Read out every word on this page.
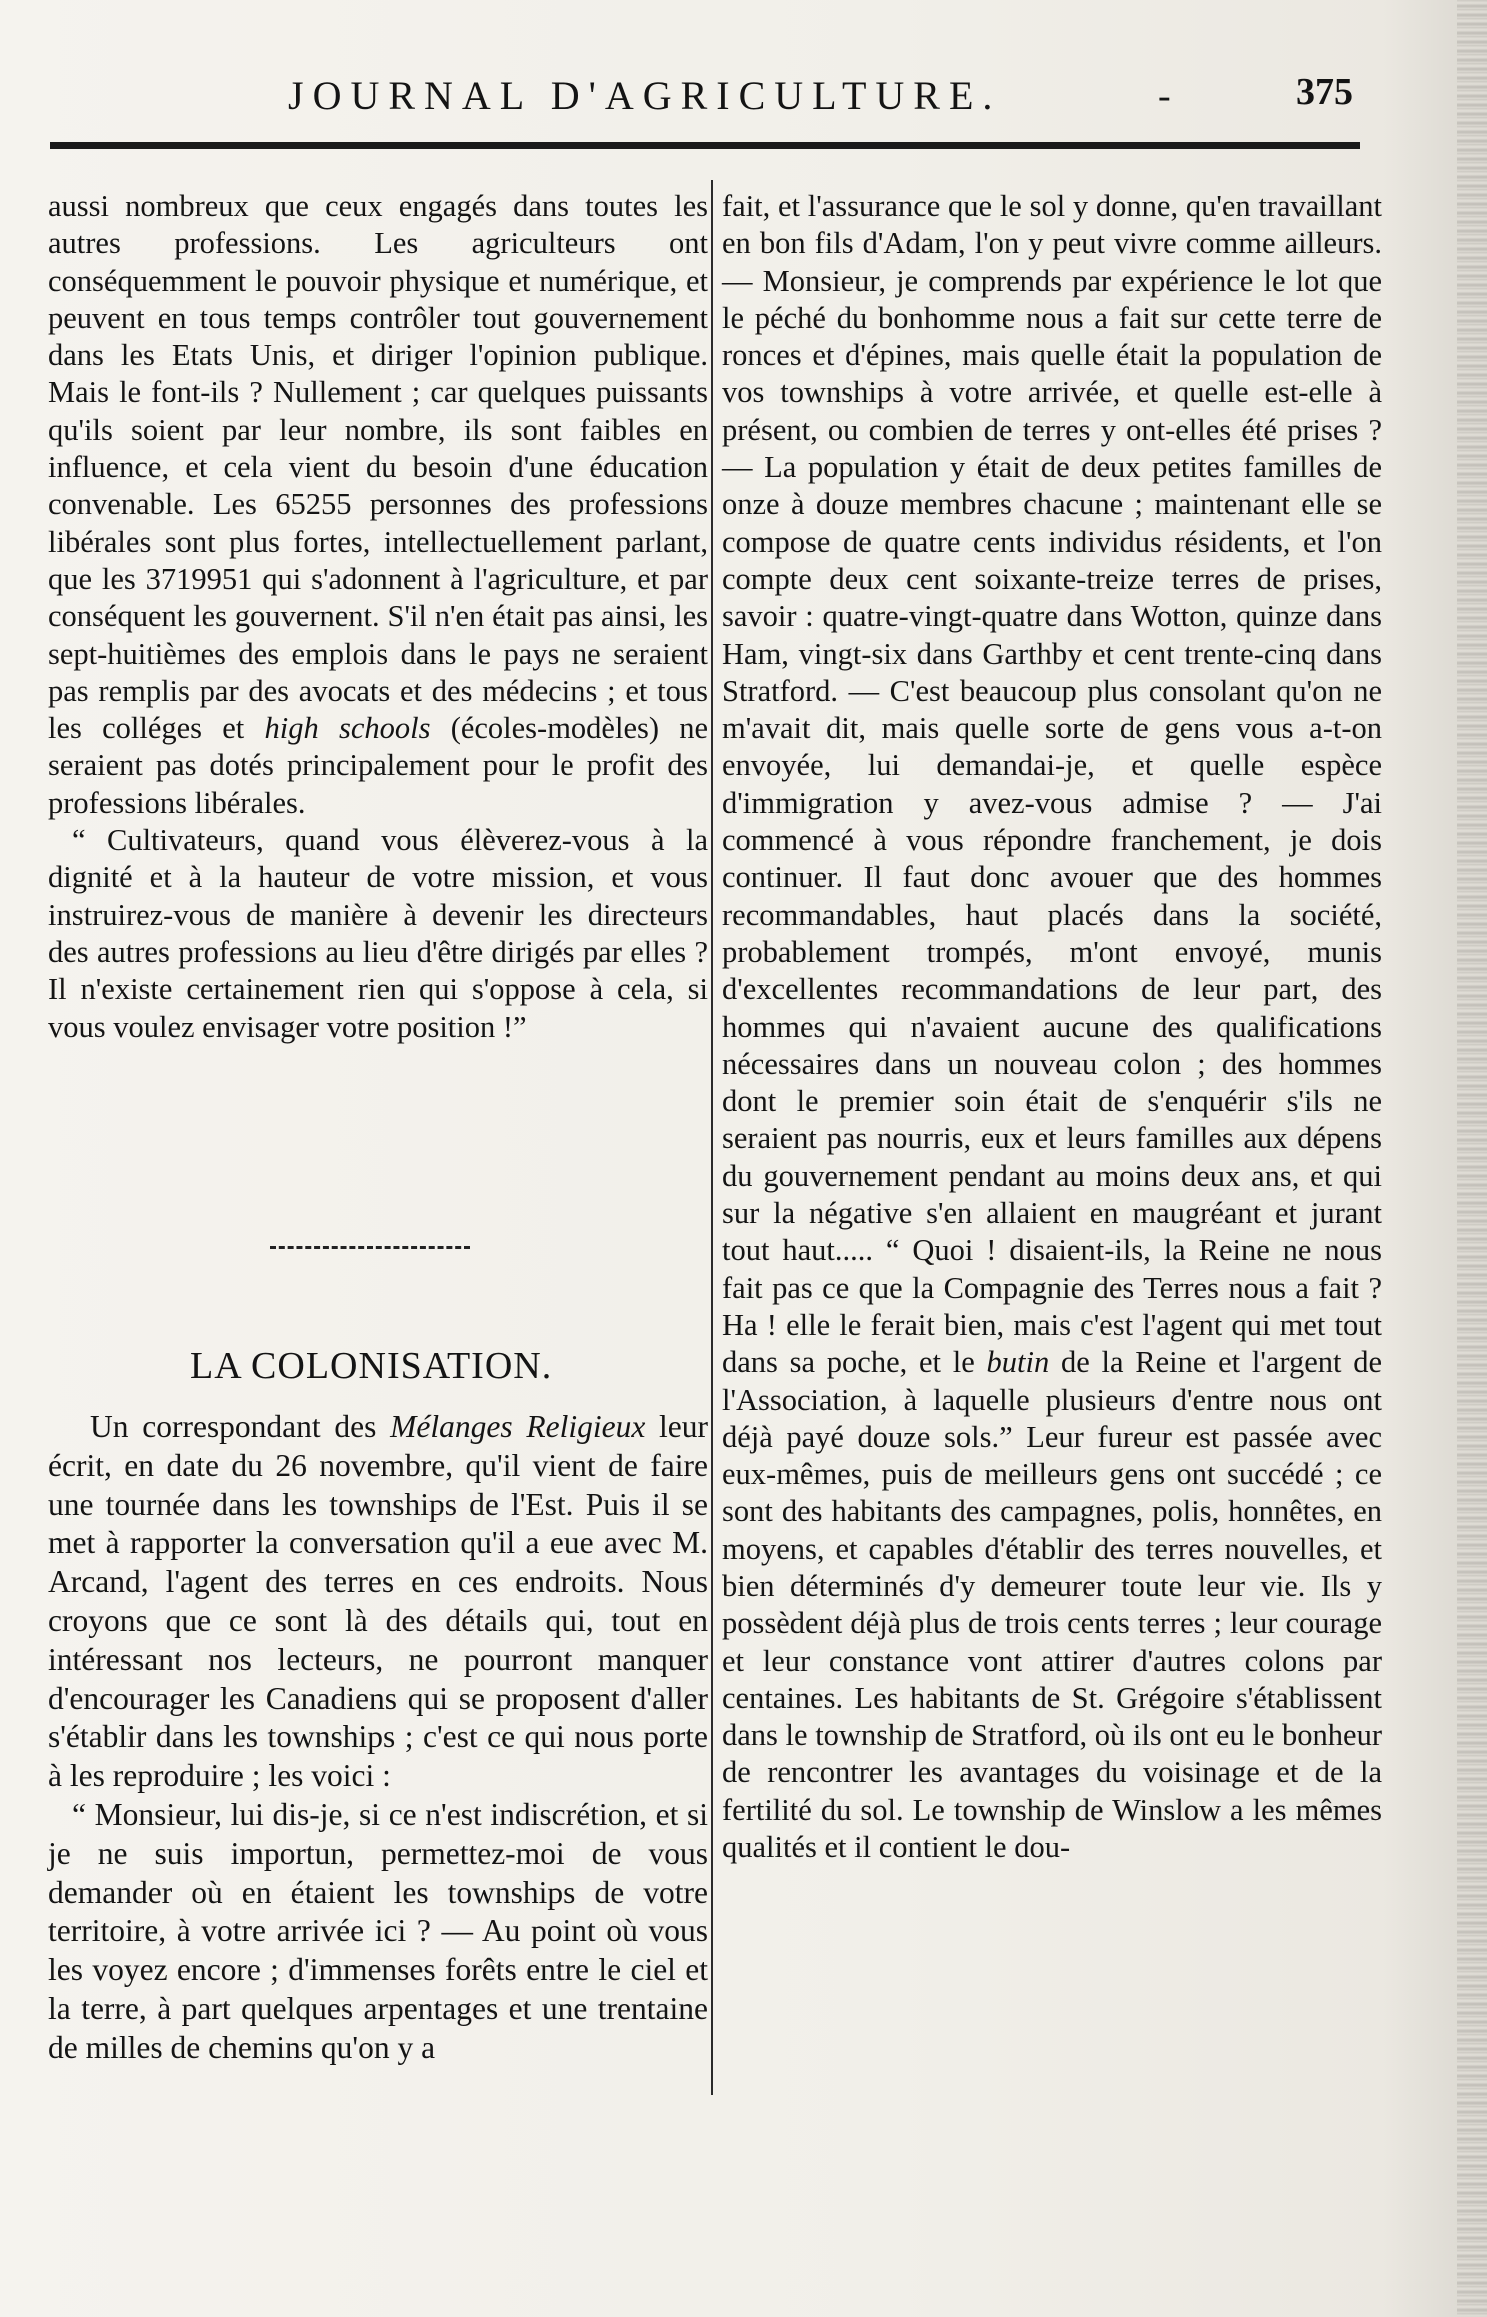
JOURNAL D'AGRICULTURE.	-	375

aussi nombreux que ceux engagés dans toutes les autres professions. Les agriculteurs ont conséquemment le pouvoir physique et numérique, et peuvent en tous temps contrôler tout gouvernement dans les Etats Unis, et diriger l'opinion publique. Mais le font-ils ? Nullement ; car quelques puissants qu'ils soient par leur nombre, ils sont faibles en influence, et cela vient du besoin d'une éducation convenable. Les 65255 personnes des professions libérales sont plus fortes, intellectuellement parlant, que les 3719951 qui s'adonnent à l'agriculture, et par conséquent les gouvernent. S'il n'en était pas ainsi, les sept-huitièmes des emplois dans le pays ne seraient pas remplis par des avocats et des médecins ; et tous les colléges et high schools (écoles-modèles) ne seraient pas dotés principalement pour le profit des professions libérales.

“ Cultivateurs, quand vous élèverez-vous à la dignité et à la hauteur de votre mission, et vous instruirez-vous de manière à devenir les directeurs des autres professions au lieu d'être dirigés par elles ? Il n'existe certainement rien qui s'oppose à cela, si vous voulez envisager votre position !”

LA COLONISATION.

Un correspondant des Mélanges Religieux leur écrit, en date du 26 novembre, qu'il vient de faire une tournée dans les townships de l'Est. Puis il se met à rapporter la conversation qu'il a eue avec M. Arcand, l'agent des terres en ces endroits. Nous croyons que ce sont là des détails qui, tout en intéressant nos lecteurs, ne pourront manquer d'encourager les Canadiens qui se proposent d'aller s'établir dans les townships ; c'est ce qui nous porte à les reproduire ; les voici :

“ Monsieur, lui dis-je, si ce n'est indiscrétion, et si je ne suis importun, permettez-moi de vous demander où en étaient les townships de votre territoire, à votre arrivée ici ? — Au point où vous les voyez encore ; d'immenses forêts entre le ciel et la terre, à part quelques arpentages et une trentaine de milles de chemins qu'on y a

fait, et l'assurance que le sol y donne, qu'en travaillant en bon fils d'Adam, l'on y peut vivre comme ailleurs. — Monsieur, je comprends par expérience le lot que le péché du bonhomme nous a fait sur cette terre de ronces et d'épines, mais quelle était la population de vos townships à votre arrivée, et quelle est-elle à présent, ou combien de terres y ont-elles été prises ? — La population y était de deux petites familles de onze à douze membres chacune ; maintenant elle se compose de quatre cents individus résidents, et l'on compte deux cent soixante-treize terres de prises, savoir : quatre-vingt-quatre dans Wotton, quinze dans Ham, vingt-six dans Garthby et cent trente-cinq dans Stratford. — C'est beaucoup plus consolant qu'on ne m'avait dit, mais quelle sorte de gens vous a-t-on envoyée, lui demandai-je, et quelle espèce d'immigration y avez-vous admise ? — J'ai commencé à vous répondre franchement, je dois continuer. Il faut donc avouer que des hommes recommandables, haut placés dans la société, probablement trompés, m'ont envoyé, munis d'excellentes recommandations de leur part, des hommes qui n'avaient aucune des qualifications nécessaires dans un nouveau colon ; des hommes dont le premier soin était de s'enquérir s'ils ne seraient pas nourris, eux et leurs familles aux dépens du gouvernement pendant au moins deux ans, et qui sur la négative s'en allaient en maugréant et jurant tout haut..... “ Quoi ! disaient-ils, la Reine ne nous fait pas ce que la Compagnie des Terres nous a fait ? Ha ! elle le ferait bien, mais c'est l'agent qui met tout dans sa poche, et le butin de la Reine et l'argent de l'Association, à laquelle plusieurs d'entre nous ont déjà payé douze sols.” Leur fureur est passée avec eux-mêmes, puis de meilleurs gens ont succédé ; ce sont des habitants des campagnes, polis, honnêtes, en moyens, et capables d'établir des terres nouvelles, et bien déterminés d'y demeurer toute leur vie. Ils y possèdent déjà plus de trois cents terres ; leur courage et leur constance vont attirer d'autres colons par centaines. Les habitants de St. Grégoire s'établissent dans le township de Stratford, où ils ont eu le bonheur de rencontrer les avantages du voisinage et de la fertilité du sol. Le township de Winslow a les mêmes qualités et il contient le dou-
